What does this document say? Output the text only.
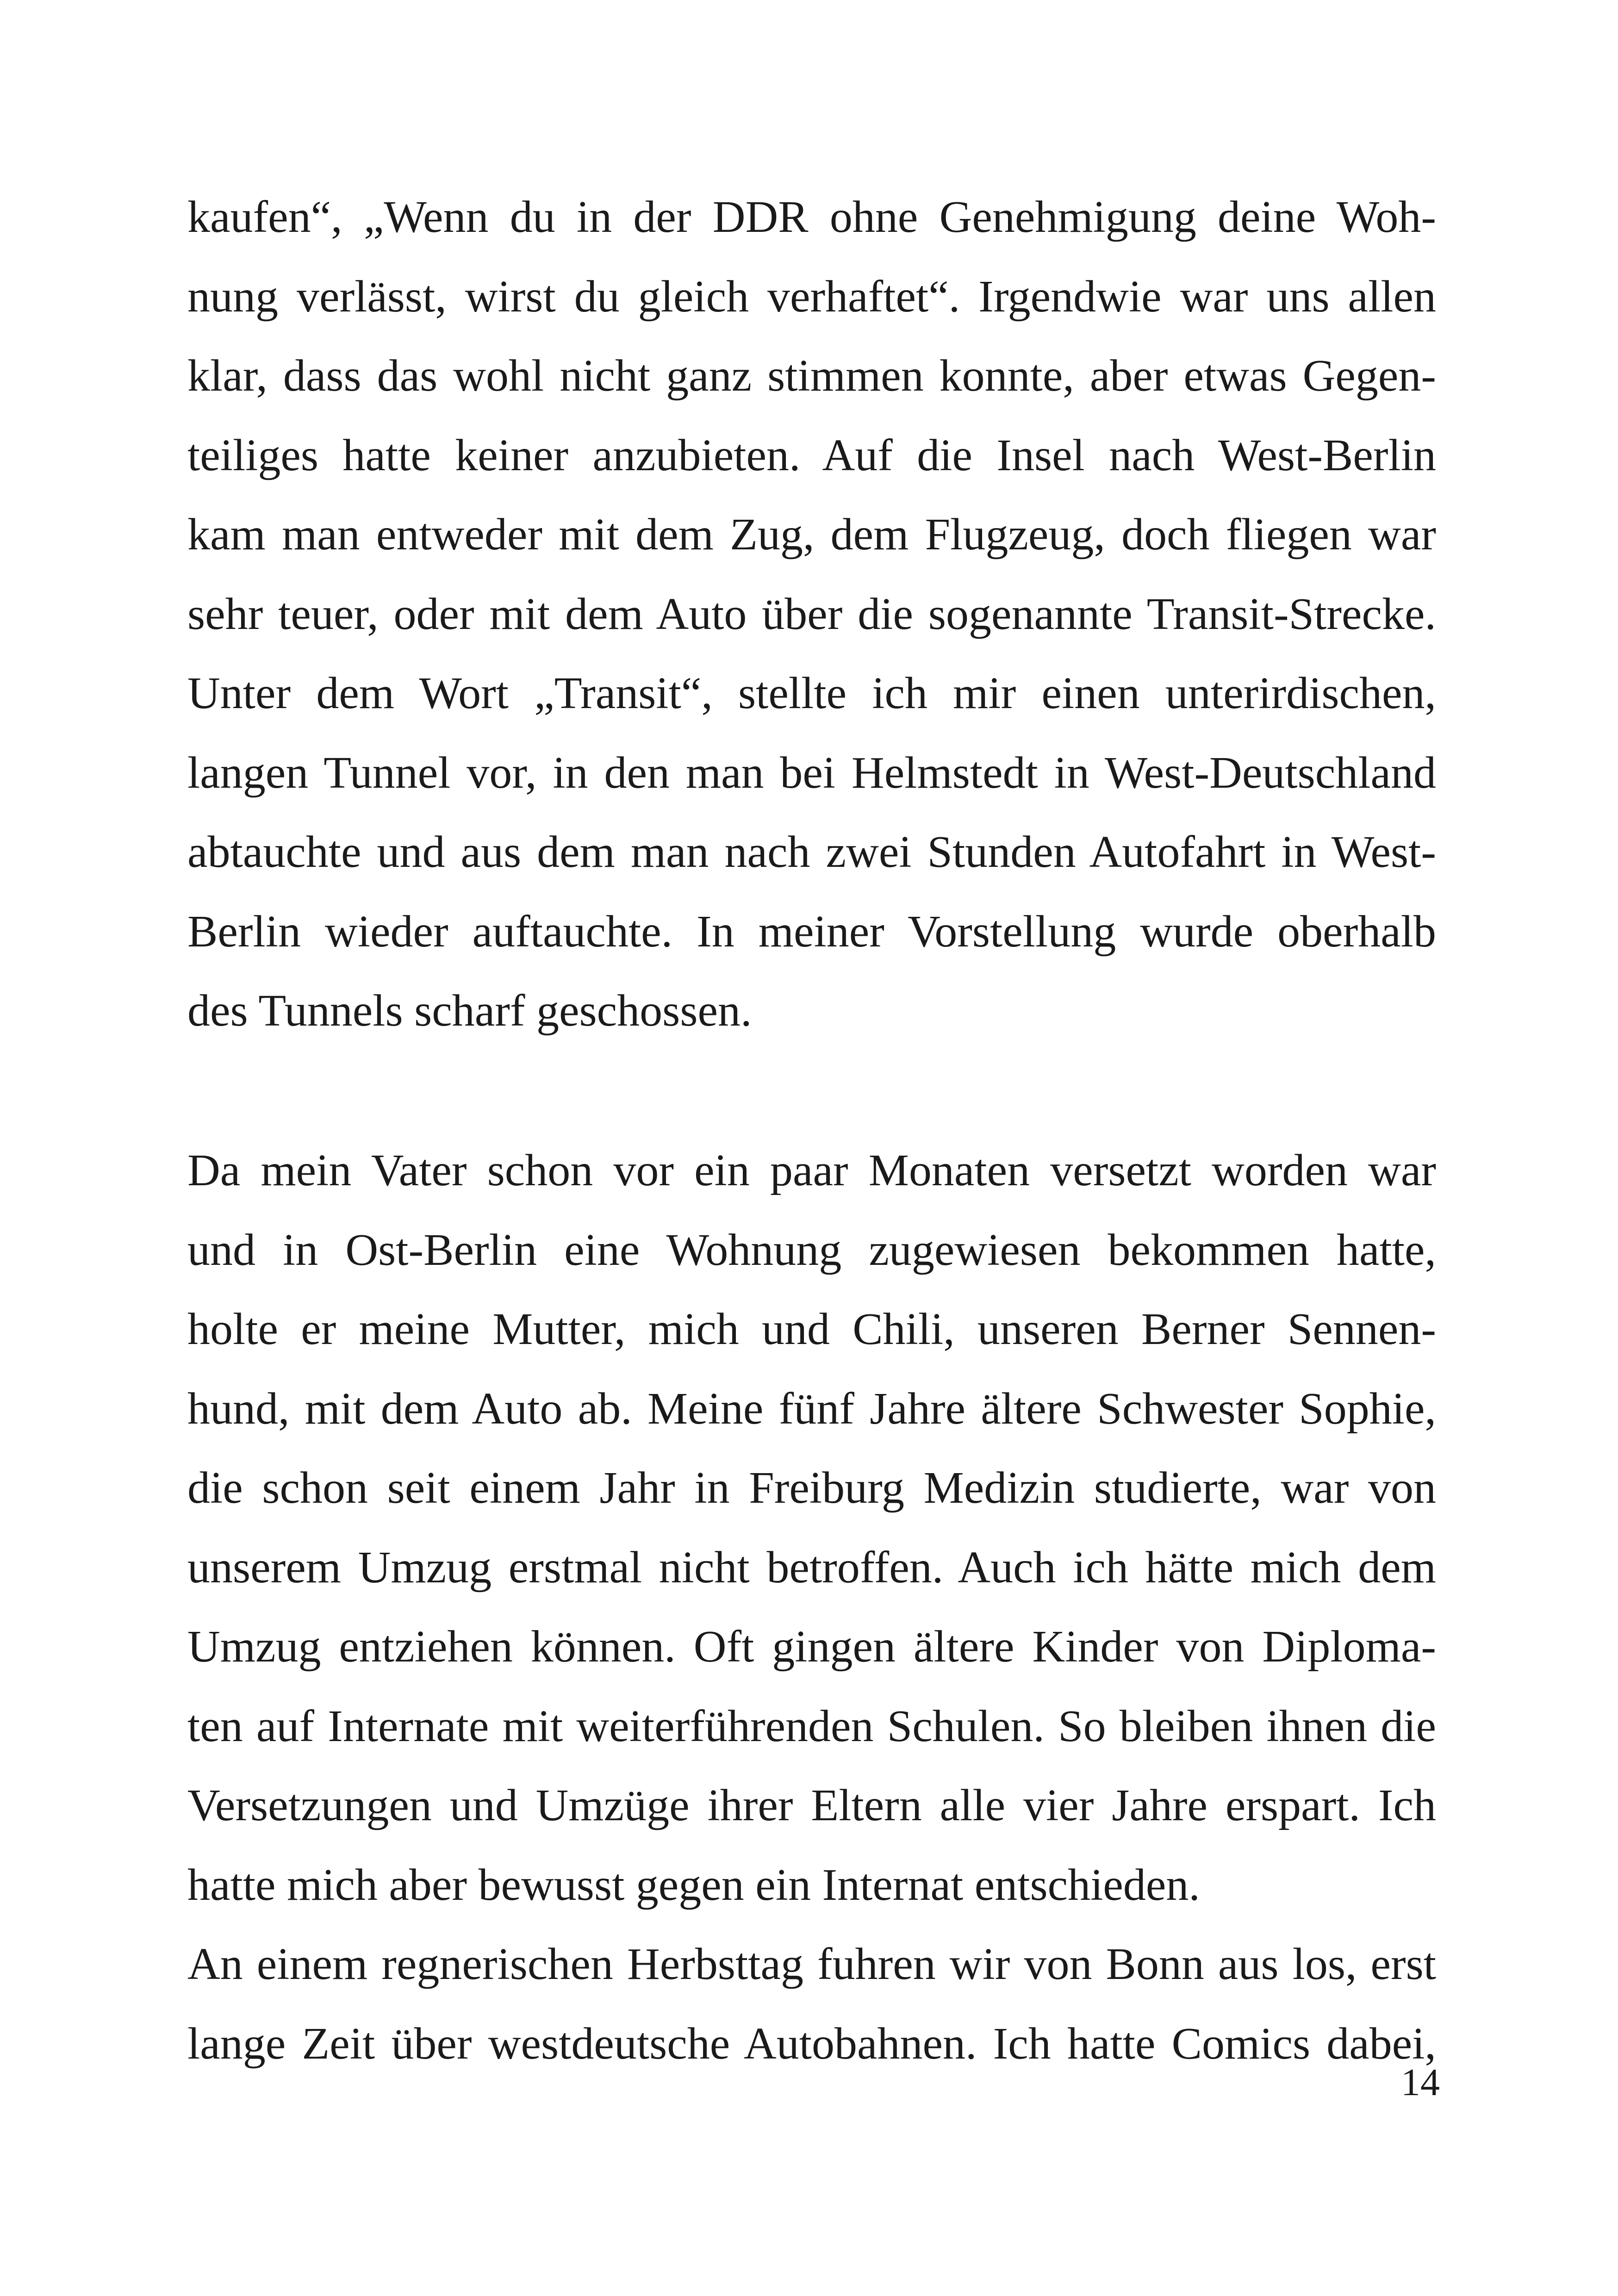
kaufen“, „Wenn du in der DDR ohne Genehmigung deine Woh-
nung verlässt, wirst du gleich verhaftet“. Irgendwie war uns allen
klar, dass das wohl nicht ganz stimmen konnte, aber etwas Gegen-
teiliges hatte keiner anzubieten. Auf die Insel nach West-Berlin
kam man entweder mit dem Zug, dem Flugzeug, doch fliegen war
sehr teuer, oder mit dem Auto über die sogenannte Transit-Strecke.
Unter dem Wort „Transit“, stellte ich mir einen unterirdischen,
langen Tunnel vor, in den man bei Helmstedt in West-Deutschland
abtauchte und aus dem man nach zwei Stunden Autofahrt in West-
Berlin wieder auftauchte. In meiner Vorstellung wurde oberhalb
des Tunnels scharf geschossen.
Da mein Vater schon vor ein paar Monaten versetzt worden war
und in Ost-Berlin eine Wohnung zugewiesen bekommen hatte,
holte er meine Mutter, mich und Chili, unseren Berner Sennen-
hund, mit dem Auto ab. Meine fünf Jahre ältere Schwester Sophie,
die schon seit einem Jahr in Freiburg Medizin studierte, war von
unserem Umzug erstmal nicht betroffen. Auch ich hätte mich dem
Umzug entziehen können. Oft gingen ältere Kinder von Diploma-
ten auf Internate mit weiterführenden Schulen. So bleiben ihnen die
Versetzungen und Umzüge ihrer Eltern alle vier Jahre erspart. Ich
hatte mich aber bewusst gegen ein Internat entschieden.
An einem regnerischen Herbsttag fuhren wir von Bonn aus los, erst
lange Zeit über westdeutsche Autobahnen. Ich hatte Comics dabei,
14
